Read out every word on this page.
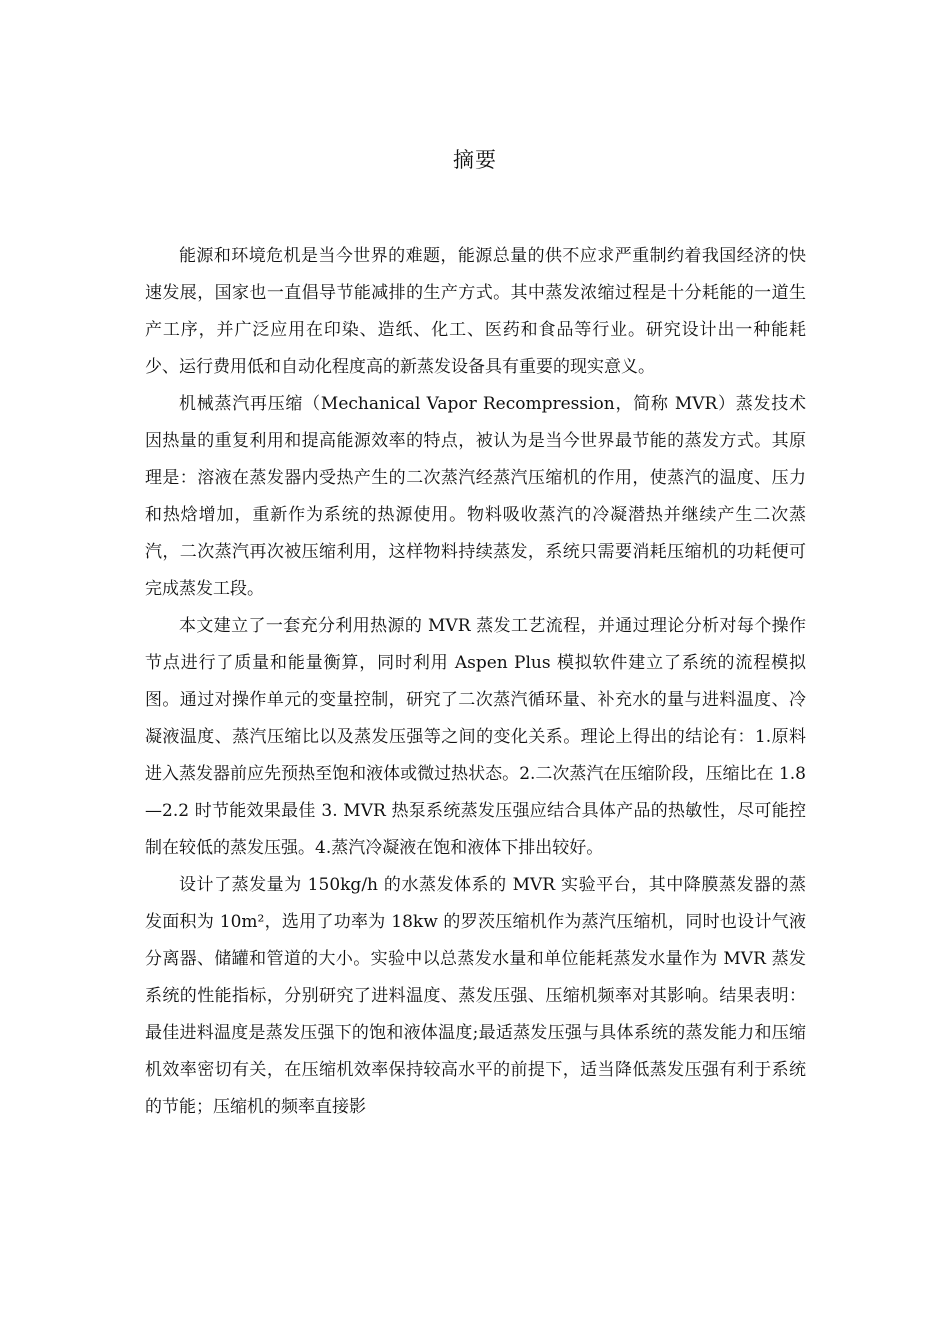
摘要

能源和环境危机是当今世界的难题，能源总量的供不应求严重制约着我国经济的快速发展，国家也一直倡导节能减排的生产方式。其中蒸发浓缩过程是十分耗能的一道生产工序，并广泛应用在印染、造纸、化工、医药和食品等行业。研究设计出一种能耗少、运行费用低和自动化程度高的新蒸发设备具有重要的现实意义。

机械蒸汽再压缩（Mechanical Vapor Recompression，简称 MVR）蒸发技术因热量的重复利用和提高能源效率的特点，被认为是当今世界最节能的蒸发方式。其原理是：溶液在蒸发器内受热产生的二次蒸汽经蒸汽压缩机的作用，使蒸汽的温度、压力和热焓增加，重新作为系统的热源使用。物料吸收蒸汽的冷凝潜热并继续产生二次蒸汽，二次蒸汽再次被压缩利用，这样物料持续蒸发，系统只需要消耗压缩机的功耗便可完成蒸发工段。

本文建立了一套充分利用热源的 MVR 蒸发工艺流程，并通过理论分析对每个操作节点进行了质量和能量衡算，同时利用 Aspen Plus 模拟软件建立了系统的流程模拟图。通过对操作单元的变量控制，研究了二次蒸汽循环量、补充水的量与进料温度、冷凝液温度、蒸汽压缩比以及蒸发压强等之间的变化关系。理论上得出的结论有：1.原料进入蒸发器前应先预热至饱和液体或微过热状态。2.二次蒸汽在压缩阶段，压缩比在 1.8—2.2 时节能效果最佳 3. MVR 热泵系统蒸发压强应结合具体产品的热敏性，尽可能控制在较低的蒸发压强。4.蒸汽冷凝液在饱和液体下排出较好。

设计了蒸发量为 150kg/h 的水蒸发体系的 MVR 实验平台，其中降膜蒸发器的蒸发面积为 10m²，选用了功率为 18kw 的罗茨压缩机作为蒸汽压缩机，同时也设计气液分离器、储罐和管道的大小。实验中以总蒸发水量和单位能耗蒸发水量作为 MVR 蒸发系统的性能指标，分别研究了进料温度、蒸发压强、压缩机频率对其影响。结果表明：最佳进料温度是蒸发压强下的饱和液体温度;最适蒸发压强与具体系统的蒸发能力和压缩机效率密切有关，在压缩机效率保持较高水平的前提下，适当降低蒸发压强有利于系统的节能；压缩机的频率直接影
